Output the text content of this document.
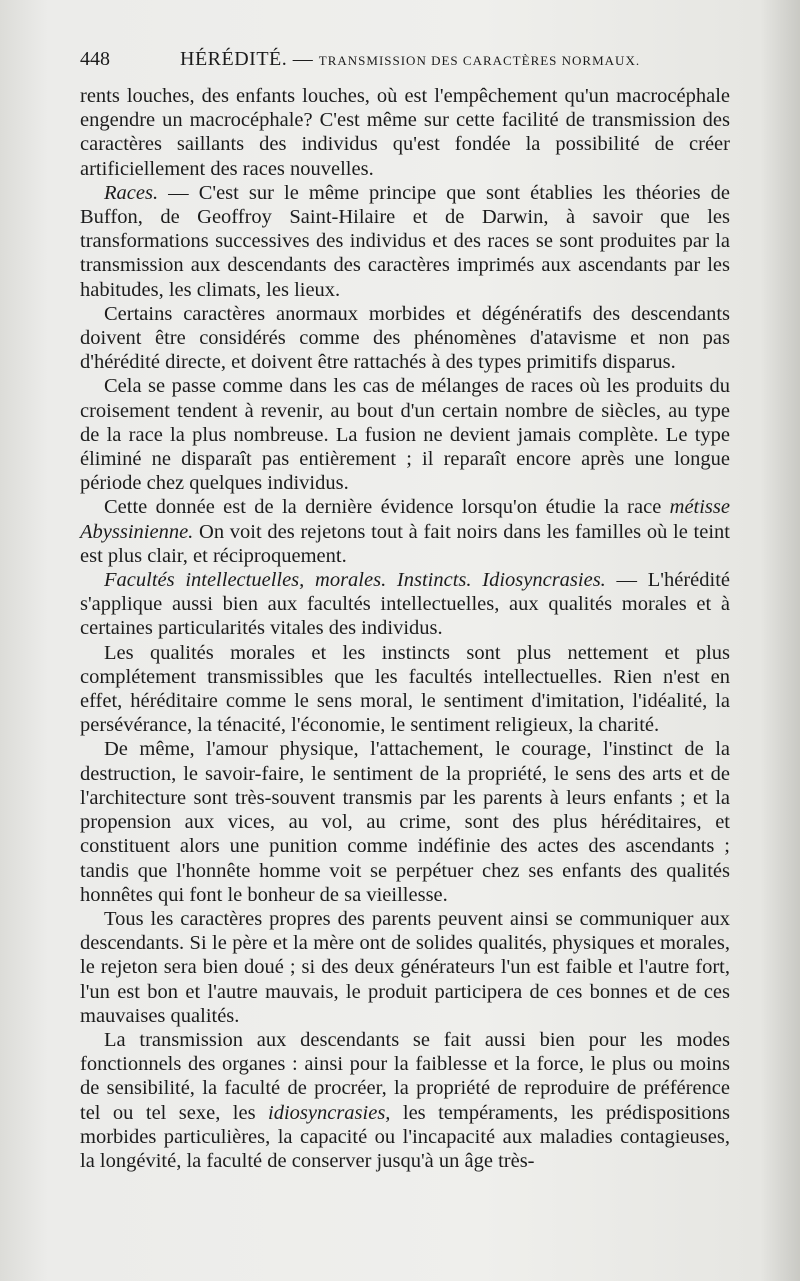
448	HÉRÉDITÉ. — TRANSMISSION DES CARACTÈRES NORMAUX.

rents louches, des enfants louches, où est l'empêchement qu'un macrocéphale engendre un macrocéphale? C'est même sur cette facilité de transmission des caractères saillants des individus qu'est fondée la possibilité de créer artificiellement des races nouvelles.

Races. — C'est sur le même principe que sont établies les théories de Buffon, de Geoffroy Saint-Hilaire et de Darwin, à savoir que les transformations successives des individus et des races se sont produites par la transmission aux descendants des caractères imprimés aux ascendants par les habitudes, les climats, les lieux.

Certains caractères anormaux morbides et dégénératifs des descendants doivent être considérés comme des phénomènes d'atavisme et non pas d'hérédité directe, et doivent être rattachés à des types primitifs disparus.

Cela se passe comme dans les cas de mélanges de races où les produits du croisement tendent à revenir, au bout d'un certain nombre de siècles, au type de la race la plus nombreuse. La fusion ne devient jamais complète. Le type éliminé ne disparaît pas entièrement ; il reparaît encore après une longue période chez quelques individus.

Cette donnée est de la dernière évidence lorsqu'on étudie la race métisse Abyssinienne. On voit des rejetons tout à fait noirs dans les familles où le teint est plus clair, et réciproquement.

Facultés intellectuelles, morales. Instincts. Idiosyncrasies. — L'hérédité s'applique aussi bien aux facultés intellectuelles, aux qualités morales et à certaines particularités vitales des individus.

Les qualités morales et les instincts sont plus nettement et plus complétement transmissibles que les facultés intellectuelles. Rien n'est en effet, héréditaire comme le sens moral, le sentiment d'imitation, l'idéalité, la persévérance, la ténacité, l'économie, le sentiment religieux, la charité.

De même, l'amour physique, l'attachement, le courage, l'instinct de la destruction, le savoir-faire, le sentiment de la propriété, le sens des arts et de l'architecture sont très-souvent transmis par les parents à leurs enfants ; et la propension aux vices, au vol, au crime, sont des plus héréditaires, et constituent alors une punition comme indéfinie des actes des ascendants ; tandis que l'honnête homme voit se perpétuer chez ses enfants des qualités honnêtes qui font le bonheur de sa vieillesse.

Tous les caractères propres des parents peuvent ainsi se communiquer aux descendants. Si le père et la mère ont de solides qualités, physiques et morales, le rejeton sera bien doué ; si des deux générateurs l'un est faible et l'autre fort, l'un est bon et l'autre mauvais, le produit participera de ces bonnes et de ces mauvaises qualités.

La transmission aux descendants se fait aussi bien pour les modes fonctionnels des organes : ainsi pour la faiblesse et la force, le plus ou moins de sensibilité, la faculté de procréer, la propriété de reproduire de préférence tel ou tel sexe, les idiosyncrasies, les tempéraments, les prédispositions morbides particulières, la capacité ou l'incapacité aux maladies contagieuses, la longévité, la faculté de conserver jusqu'à un âge très-
